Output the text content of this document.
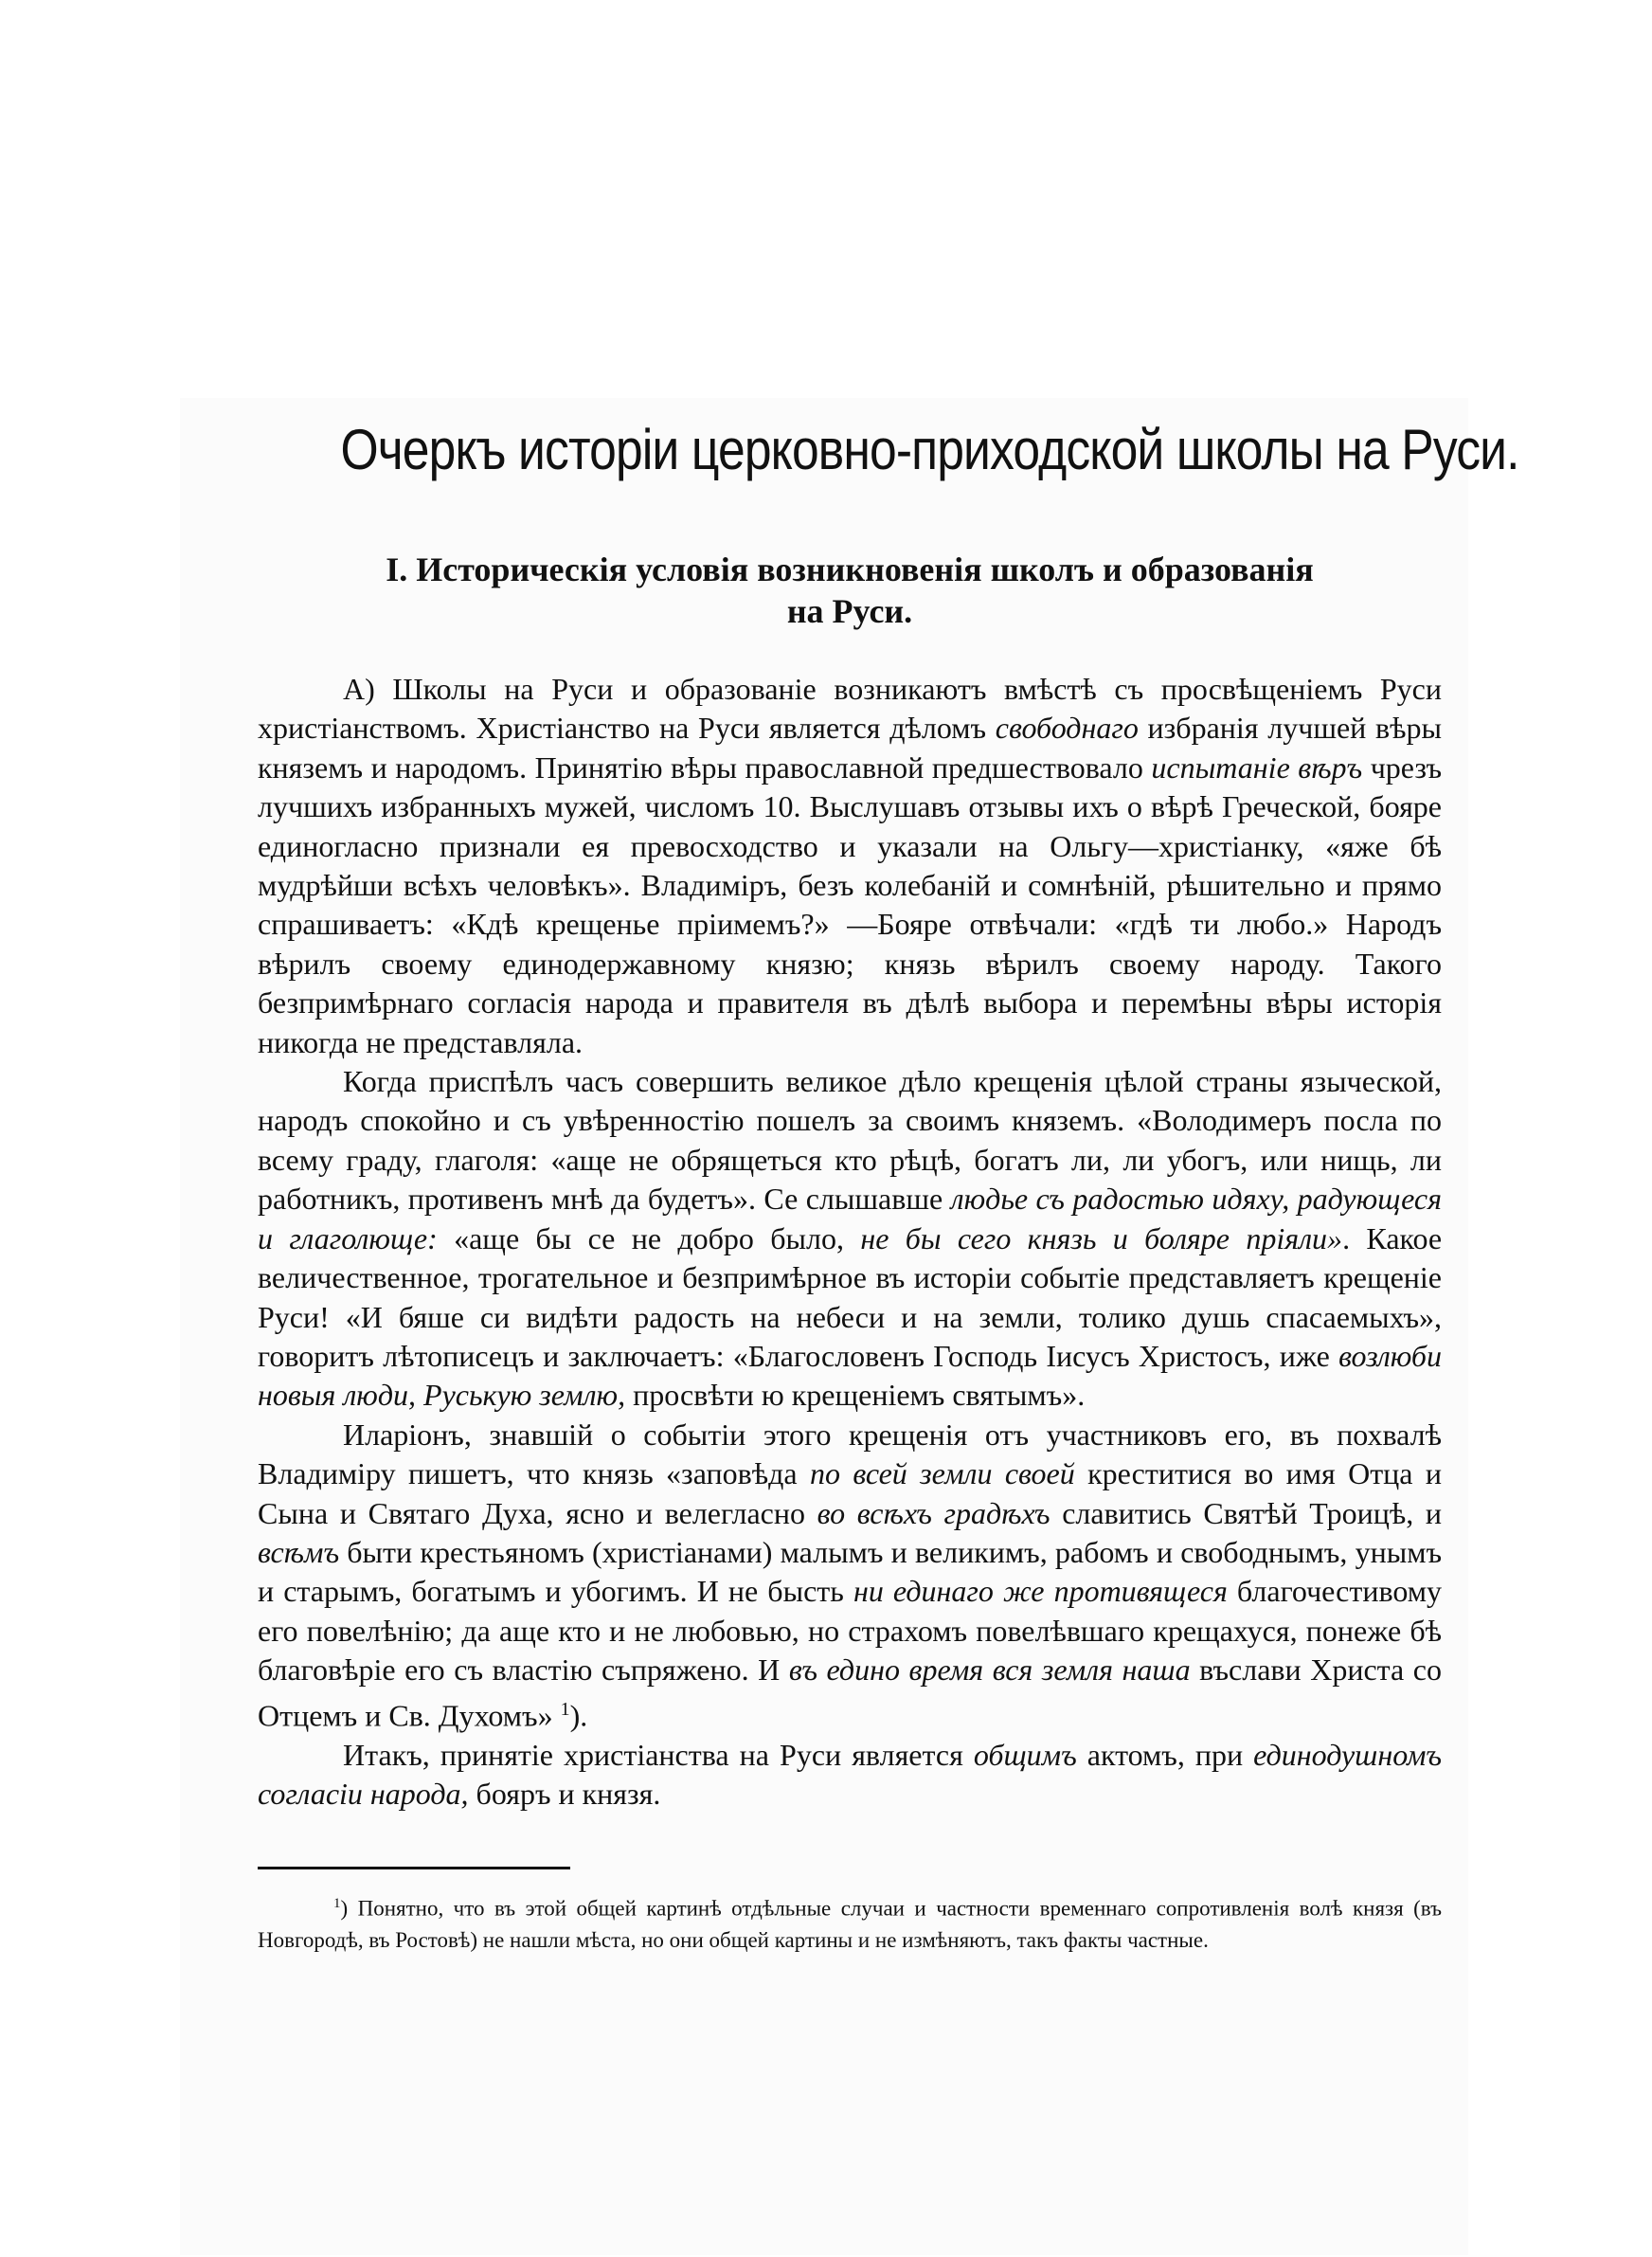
Очеркъ исторіи церковно-приходской школы на Руси.
I. Историческія условія возникновенія школъ и образованія
на Руси.

А) Школы на Руси и образованіе возникаютъ вмѣстѣ съ просвѣщеніемъ Руси христіанствомъ. Христіанство на Руси является дѣломъ свободнаго избранія лучшей вѣры княземъ и народомъ. Принятію вѣры православной предшествовало испытаніе вѣръ чрезъ лучшихъ избранныхъ мужей, числомъ 10. Выслушавъ отзывы ихъ о вѣрѣ Греческой, бояре единогласно признали ея превосходство и указали на Ольгу—христіанку, «яже бѣ мудрѣйши всѣхъ человѣкъ». Владиміръ, безъ колебаній и сомнѣній, рѣшительно и прямо спрашиваетъ: «Кдѣ крещенье пріимемъ?» —Бояре отвѣчали: «гдѣ ти любо.» Народъ вѣрилъ своему единодержавному князю; князь вѣрилъ своему народу. Такого безпримѣрнаго согласія народа и правителя въ дѣлѣ выбора и перемѣны вѣры исторія никогда не представляла.

Когда приспѣлъ часъ совершить великое дѣло крещенія цѣлой страны языческой, народъ спокойно и съ увѣренностію пошелъ за своимъ княземъ. «Володимеръ посла по всему граду, глаголя: «аще не обрящеться кто рѣцѣ, богатъ ли, ли убогъ, или нищь, ли работникъ, противенъ мнѣ да будетъ». Се слышавше людье съ радостью идяху, радующеся и глаголюще: «аще бы се не добро было, не бы сего князь и боляре пріяли». Какое величественное, трогательное и безпримѣрное въ исторіи событіе представляетъ крещеніе Руси! «И бяше си видѣти радость на небеси и на земли, толико душь спасаемыхъ», говоритъ лѣтописецъ и заключаетъ: «Благословенъ Господь Іисусъ Христосъ, иже возлюби новыя люди, Руськую землю, просвѣти ю крещеніемъ святымъ».

Иларіонъ, знавшій о событіи этого крещенія отъ участниковъ его, въ похвалѣ Владиміру пишетъ, что князь «заповѣда по всей земли своей креститися во имя Отца и Сына и Святаго Духа, ясно и велегласно во всѣхъ градѣхъ славитись Святѣй Троицѣ, и всѣмъ быти крестьяномъ (христіанами) малымъ и великимъ, рабомъ и свободнымъ, унымъ и старымъ, богатымъ и убогимъ. И не бысть ни единаго же противящеся благочестивому его повелѣнію; да аще кто и не любовью, но страхомъ повелѣвшаго крещахуся, понеже бѣ благовѣріе его съ властію съпряжено. И въ едино время вся земля наша въслави Христа со Отцемъ и Св. Духомъ» $^1$).

Итакъ, принятіе христіанства на Руси является общимъ актомъ, при единодушномъ согласіи народа, бояръ и князя.

$^1$) Понятно, что въ этой общей картинѣ отдѣльные случаи и частности временнаго сопротивленія волѣ князя (въ Новгородѣ, въ Ростовѣ) не нашли мѣста, но они общей картины и не измѣняютъ, такъ факты частные.
